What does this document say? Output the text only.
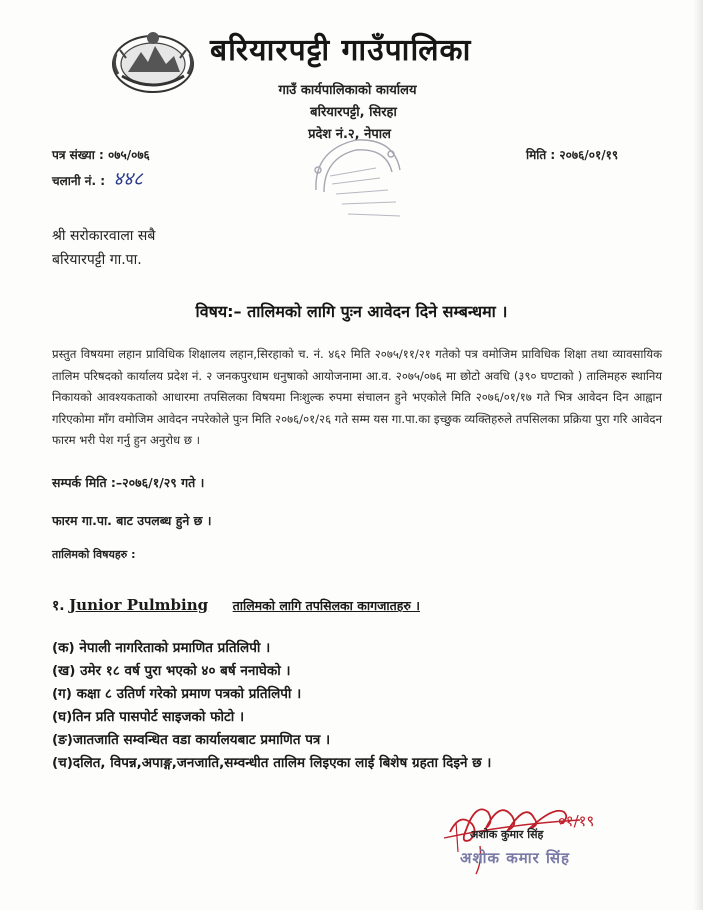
बरियारपट्टी गाउँपालिका
गाउँ कार्यपालिकाको कार्यालय
बरियारपट्टी, सिरहा
प्रदेश नं.२, नेपाल
पत्र संख्या : ०७५/०७६
चलानी नं. : ४४८
मिति : २०७६/०१/१९
श्री सरोकारवाला सबै
बरियारपट्टी गा.पा.
विषय:– तालिमको लागि पुःन आवेदन दिने सम्बन्धमा ।
प्रस्तुत विषयमा लहान प्राविधिक शिक्षालय लहान,सिरहाको च. नं. ४६२ मिति २०७५/११/२१ गतेको पत्र वमोजिम प्राविधिक शिक्षा तथा व्यावसायिक तालिम परिषदको कार्यालय प्रदेश नं. २ जनकपुरधाम धनुषाको आयोजनामा आ.व. २०७५/०७६ मा छोटो अवधि (३९० घण्टाको ) तालिमहरु स्थानिय निकायको आवश्यकताको आधारमा तपसिलका विषयमा निःशुल्क रुपमा संचालन हुने भएकोले मिति २०७६/०१/१७ गते भित्र आवेदन दिन आह्वान गरिएकोमा माँग वमोजिम आवेदन नपरेकोले पुःन मिति २०७६/०१/२६ गते सम्म यस गा.पा.का इच्छुक व्यक्तिहरुले तपसिलका प्रक्रिया पुरा गरि आवेदन फारम भरी पेश गर्नु हुन अनुरोध छ ।
सम्पर्क मिति :–२०७६/१/२९ गते ।
फारम गा.पा. बाट उपलब्ध हुने छ ।
तालिमको विषयहरु :
१. Junior Pulmbing तालिमको लागि तपसिलका कागजातहरु ।
(क) नेपाली नागरिताको प्रमाणित प्रतिलिपी ।
(ख) उमेर १८ वर्ष पुरा भएको ४० बर्ष ननाघेको ।
(ग) कक्षा ८ उतिर्ण गरेको प्रमाण पत्रको प्रतिलिपी ।
(घ)तिन प्रति पासपोर्ट साइजको फोटो ।
(ङ)जातजाति सम्वन्धित वडा कार्यालयबाट प्रमाणित पत्र ।
(च)दलित, विपन्न,अपाङ्ग,जनजाति,सम्वन्धीत तालिम लिइएका लाई बिशेष ग्रहता दिइने छ ।
०१/१९
अशोक कुमार सिंह
अशोक कमार सिंह
